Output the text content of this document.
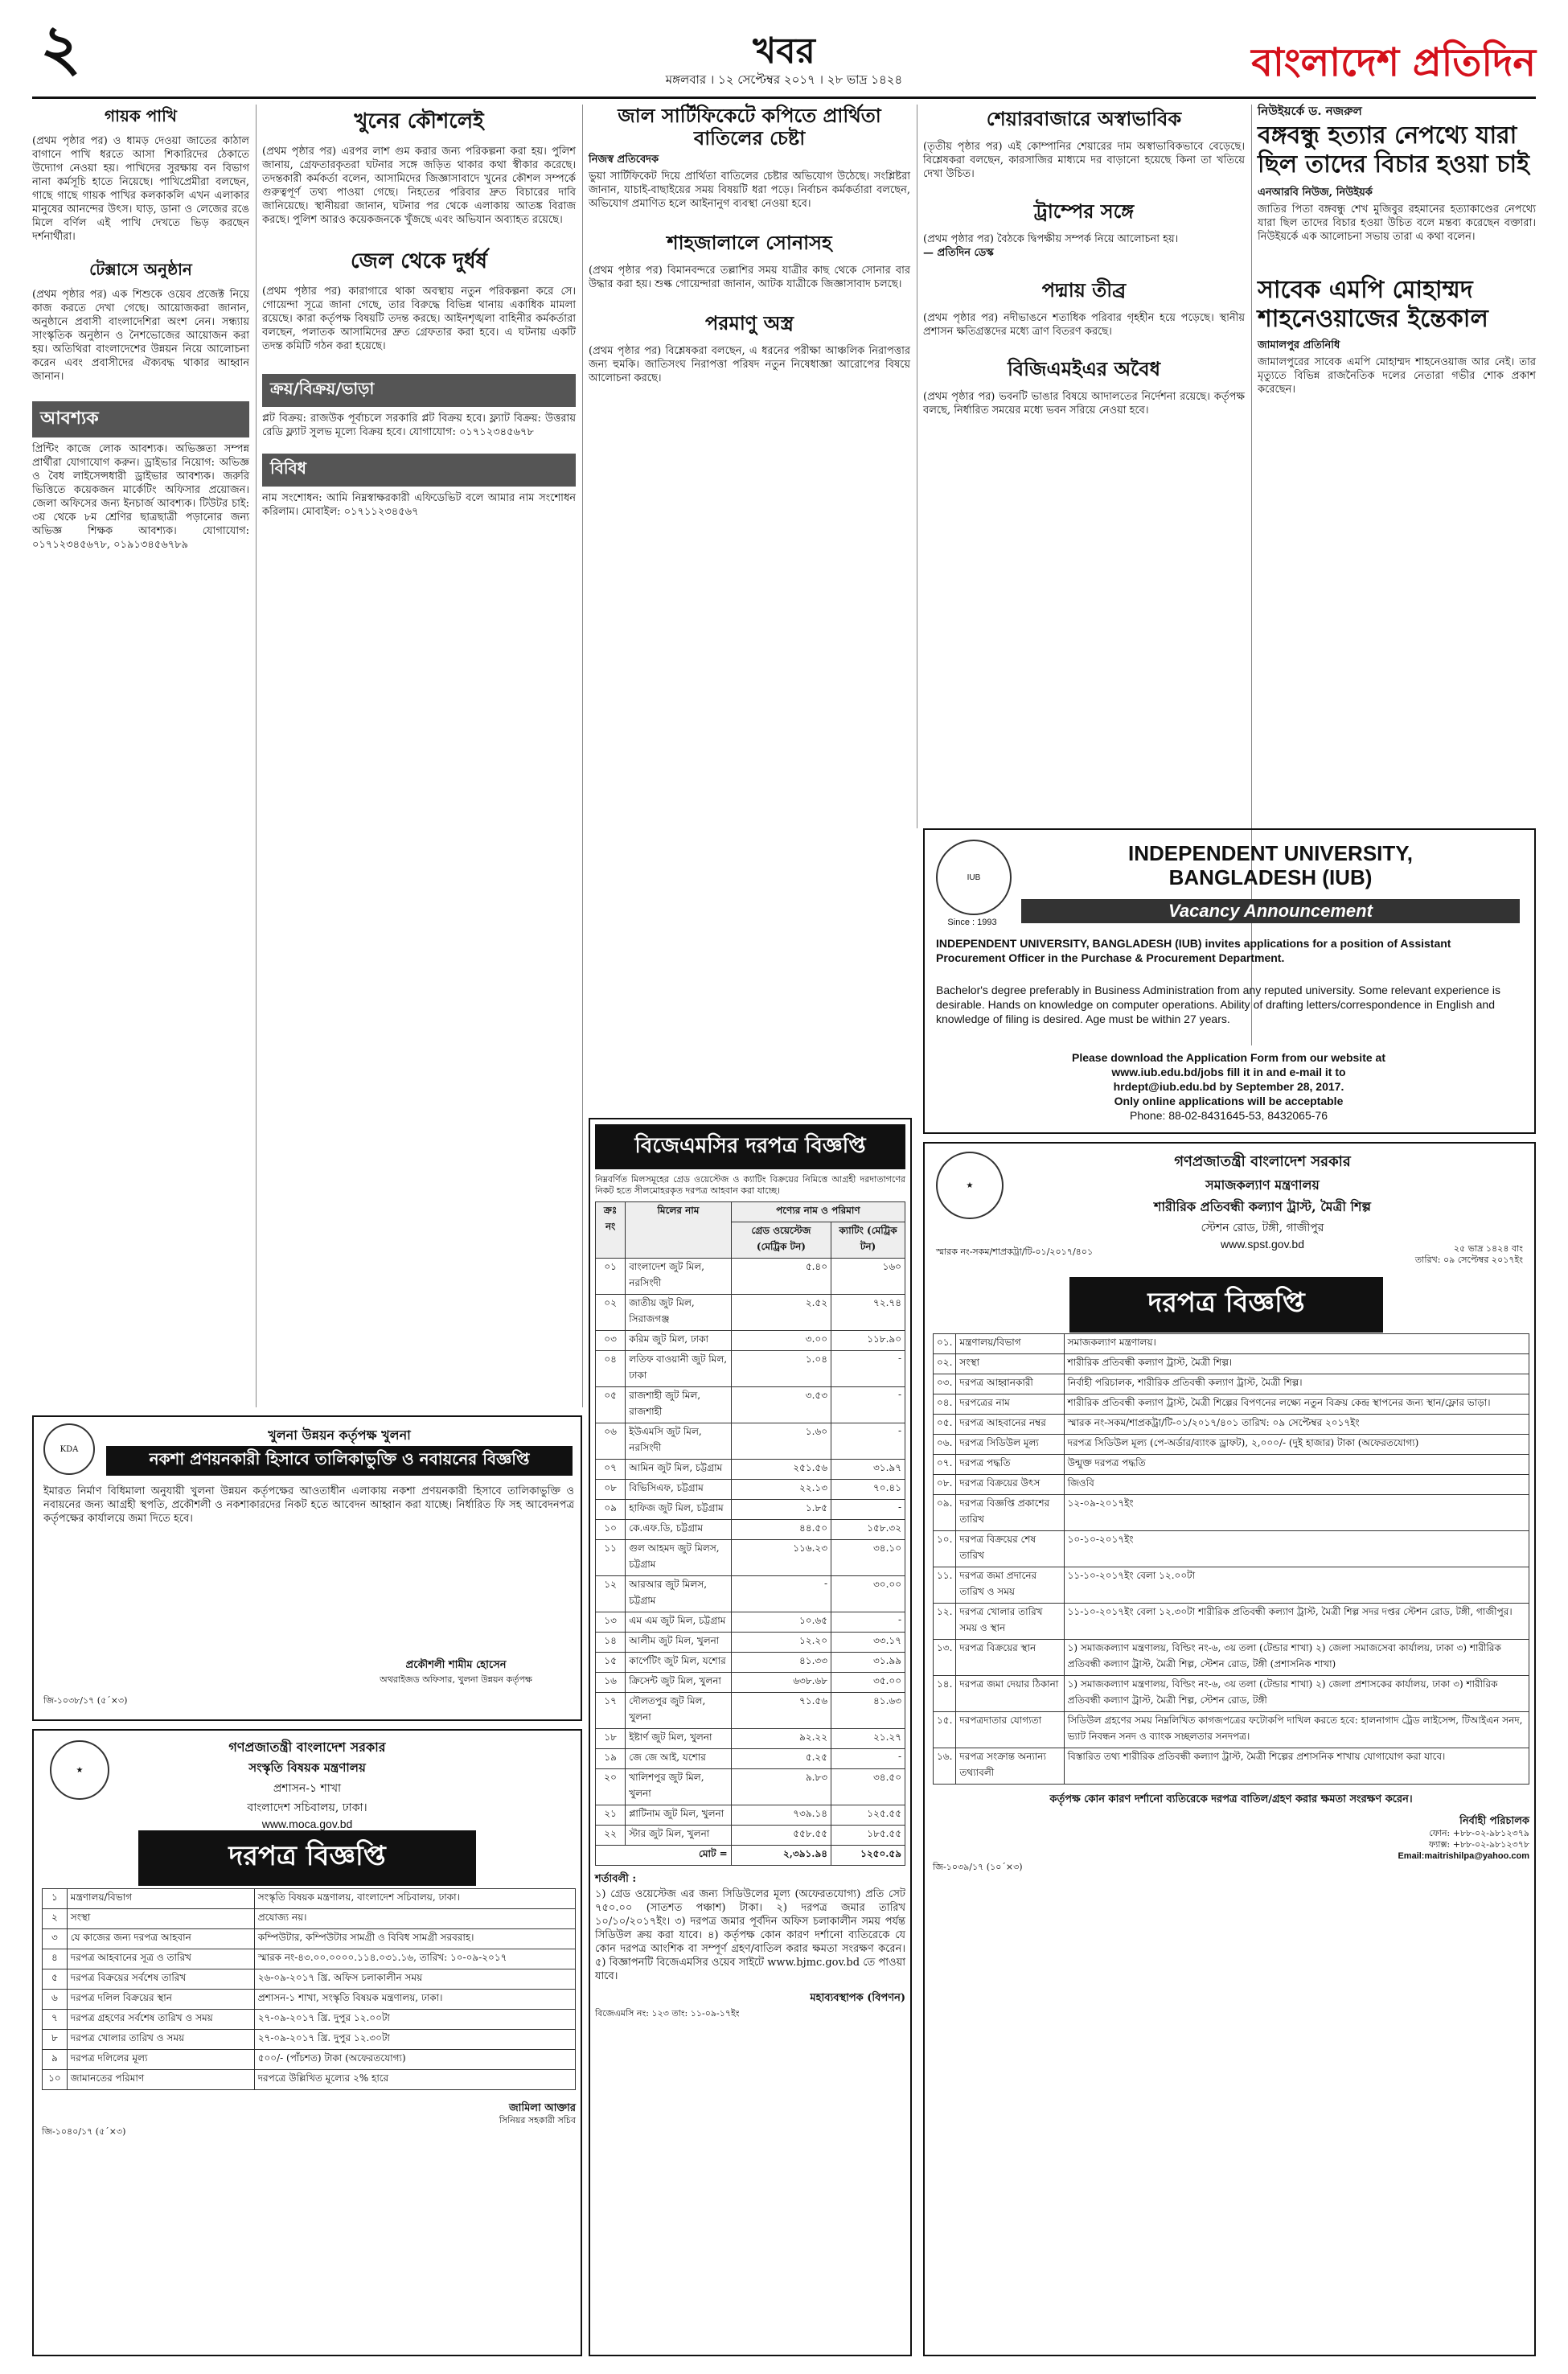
২	খবর
মঙ্গলবার । ১২ সেপ্টেম্বর ২০১৭ । ২৮ ভাদ্র ১৪২৪	বাংলাদেশ প্রতিদিন
গায়ক পাখি
(প্রথম পৃষ্ঠার পর) ও ধামড় দেওয়া জাতের কাঠাল বাগানে পাখি ধরতে আসা শিকারিদের ঠেকাতে উদ্যোগ নেওয়া হয়। পাখিদের সুরক্ষায় বন বিভাগ নানা কর্মসূচি হাতে নিয়েছে। পাখিপ্রেমীরা বলছেন, গাছে গাছে গায়ক পাখির কলকাকলি এখন এলাকার মানুষের আনন্দের উৎস। ঘাড়, ডানা ও লেজের রঙে মিলে বর্ণিল এই পাখি দেখতে ভিড় করছেন দর্শনার্থীরা।
টেক্সাসে অনুষ্ঠান
(প্রথম পৃষ্ঠার পর) এক শিশুকে ওয়েব প্রজেক্ট নিয়ে কাজ করতে দেখা গেছে। আয়োজকরা জানান, অনুষ্ঠানে প্রবাসী বাংলাদেশিরা অংশ নেন। সন্ধ্যায় সাংস্কৃতিক অনুষ্ঠান ও নৈশভোজের আয়োজন করা হয়। অতিথিরা বাংলাদেশের উন্নয়ন নিয়ে আলোচনা করেন এবং প্রবাসীদের ঐক্যবদ্ধ থাকার আহ্বান জানান।
আবশ্যক
প্রিন্টিং কাজে লোক আবশ্যক। অভিজ্ঞতা সম্পন্ন প্রার্থীরা যোগাযোগ করুন। ড্রাইভার নিয়োগ: অভিজ্ঞ ও বৈধ লাইসেন্সধারী ড্রাইভার আবশ্যক। জরুরি ভিত্তিতে কয়েকজন মার্কেটিং অফিসার প্রয়োজন। জেলা অফিসের জন্য ইনচার্জ আবশ্যক। টিউটর চাই: ৩য় থেকে ৮ম শ্রেণির ছাত্রছাত্রী পড়ানোর জন্য অভিজ্ঞ শিক্ষক আবশ্যক। যোগাযোগ: ০১৭১২৩৪৫৬৭৮, ০১৯১৩৪৫৬৭৮৯
খুনের কৌশলেই
(প্রথম পৃষ্ঠার পর) এরপর লাশ গুম করার জন্য পরিকল্পনা করা হয়। পুলিশ জানায়, গ্রেফতারকৃতরা ঘটনার সঙ্গে জড়িত থাকার কথা স্বীকার করেছে। তদন্তকারী কর্মকর্তা বলেন, আসামিদের জিজ্ঞাসাবাদে খুনের কৌশল সম্পর্কে গুরুত্বপূর্ণ তথ্য পাওয়া গেছে। নিহতের পরিবার দ্রুত বিচারের দাবি জানিয়েছে। স্থানীয়রা জানান, ঘটনার পর থেকে এলাকায় আতঙ্ক বিরাজ করছে। পুলিশ আরও কয়েকজনকে খুঁজছে এবং অভিযান অব্যাহত রয়েছে।
জেল থেকে দুর্ধর্ষ
(প্রথম পৃষ্ঠার পর) কারাগারে থাকা অবস্থায় নতুন পরিকল্পনা করে সে। গোয়েন্দা সূত্রে জানা গেছে, তার বিরুদ্ধে বিভিন্ন থানায় একাধিক মামলা রয়েছে। কারা কর্তৃপক্ষ বিষয়টি তদন্ত করছে। আইনশৃঙ্খলা বাহিনীর কর্মকর্তারা বলছেন, পলাতক আসামিদের দ্রুত গ্রেফতার করা হবে। এ ঘটনায় একটি তদন্ত কমিটি গঠন করা হয়েছে।
ক্রয়/বিক্রয়/ভাড়া
প্লট বিক্রয়: রাজউক পূর্বাচলে সরকারি প্লট বিক্রয় হবে। ফ্ল্যাট বিক্রয়: উত্তরায় রেডি ফ্ল্যাট সুলভ মূল্যে বিক্রয় হবে। যোগাযোগ: ০১৭১২৩৪৫৬৭৮
বিবিধ
নাম সংশোধন: আমি নিম্নস্বাক্ষরকারী এফিডেভিট বলে আমার নাম সংশোধন করিলাম। মোবাইল: ০১৭১১২৩৪৫৬৭
জাল সার্টিফিকেটে কপিতে প্রার্থিতা বাতিলের চেষ্টা
নিজস্ব প্রতিবেদক
ভুয়া সার্টিফিকেট দিয়ে প্রার্থিতা বাতিলের চেষ্টার অভিযোগ উঠেছে। সংশ্লিষ্টরা জানান, যাচাই-বাছাইয়ের সময় বিষয়টি ধরা পড়ে। নির্বাচন কর্মকর্তারা বলছেন, অভিযোগ প্রমাণিত হলে আইনানুগ ব্যবস্থা নেওয়া হবে।
শাহজালালে সোনাসহ
(প্রথম পৃষ্ঠার পর) বিমানবন্দরে তল্লাশির সময় যাত্রীর কাছ থেকে সোনার বার উদ্ধার করা হয়। শুল্ক গোয়েন্দারা জানান, আটক যাত্রীকে জিজ্ঞাসাবাদ চলছে।
পরমাণু অস্ত্র
(প্রথম পৃষ্ঠার পর) বিশ্লেষকরা বলছেন, এ ধরনের পরীক্ষা আঞ্চলিক নিরাপত্তার জন্য হুমকি। জাতিসংঘ নিরাপত্তা পরিষদ নতুন নিষেধাজ্ঞা আরোপের বিষয়ে আলোচনা করছে।
শেয়ারবাজারে অস্বাভাবিক
(তৃতীয় পৃষ্ঠার পর) এই কোম্পানির শেয়ারের দাম অস্বাভাবিকভাবে বেড়েছে। বিশ্লেষকরা বলছেন, কারসাজির মাধ্যমে দর বাড়ানো হয়েছে কিনা তা খতিয়ে দেখা উচিত।
ট্রাম্পের সঙ্গে
(প্রথম পৃষ্ঠার পর) বৈঠকে দ্বিপক্ষীয় সম্পর্ক নিয়ে আলোচনা হয়।
— প্রতিদিন ডেস্ক
পদ্মায় তীব্র
(প্রথম পৃষ্ঠার পর) নদীভাঙনে শতাধিক পরিবার গৃহহীন হয়ে পড়েছে। স্থানীয় প্রশাসন ক্ষতিগ্রস্তদের মধ্যে ত্রাণ বিতরণ করছে।
বিজিএমইএর অবৈধ
(প্রথম পৃষ্ঠার পর) ভবনটি ভাঙার বিষয়ে আদালতের নির্দেশনা রয়েছে। কর্তৃপক্ষ বলছে, নির্ধারিত সময়ের মধ্যে ভবন সরিয়ে নেওয়া হবে।
নিউইয়র্কে ড. নজরুল
বঙ্গবন্ধু হত্যার নেপথ্যে যারা ছিল তাদের বিচার হওয়া চাই
এনআরবি নিউজ, নিউইয়র্ক
জাতির পিতা বঙ্গবন্ধু শেখ মুজিবুর রহমানের হত্যাকাণ্ডের নেপথ্যে যারা ছিল তাদের বিচার হওয়া উচিত বলে মন্তব্য করেছেন বক্তারা। নিউইয়র্কে এক আলোচনা সভায় তারা এ কথা বলেন।
সাবেক এমপি মোহাম্মদ শাহনেওয়াজের ইন্তেকাল
জামালপুর প্রতিনিধি
জামালপুরের সাবেক এমপি মোহাম্মদ শাহনেওয়াজ আর নেই। তার মৃত্যুতে বিভিন্ন রাজনৈতিক দলের নেতারা গভীর শোক প্রকাশ করেছেন।
IUB
Since : 1993
INDEPENDENT UNIVERSITY,
BANGLADESH (IUB)
Vacancy Announcement
INDEPENDENT UNIVERSITY, BANGLADESH (IUB) invites applications for a position of Assistant Procurement Officer in the Purchase & Procurement Department.
Bachelor's degree preferably in Business Administration from any reputed university. Some relevant experience is desirable. Hands on knowledge on computer operations. Ability of drafting letters/correspondence in English and knowledge of filing is desired. Age must be within 27 years.
Please download the Application Form from our website at
www.iub.edu.bd/jobs fill it in and e-mail it to
hrdept@iub.edu.bd by September 28, 2017.
Only online applications will be acceptable
Phone: 88-02-8431645-53, 8432065-76
বিজেএমসির দরপত্র বিজ্ঞপ্তি
নিম্নবর্ণিত মিলসমূহের গ্রেড ওয়েস্টেজ ও ক্যাটিং বিক্রয়ের নিমিত্তে আগ্রহী দরদাতাগণের নিকট হতে সীলমোহরকৃত দরপত্র আহবান করা যাচ্ছে।
ক্রঃ নং	মিলের নাম	পণ্যের নাম ও পরিমাণ	
		গ্রেড ওয়েস্টেজ (মেট্রিক টন)	ক্যাটিং (মেট্রিক টন)
০১	বাংলাদেশ জুট মিল, নরসিংদী	৫.৪০	১৬০
০২	জাতীয় জুট মিল, সিরাজগঞ্জ	২.৫২	৭২.৭৪
০৩	করিম জুট মিল, ঢাকা	৩.০০	১১৮.৯০
০৪	লতিফ বাওয়ানী জুট মিল, ঢাকা	১.০৪	-
০৫	রাজশাহী জুট মিল, রাজশাহী	৩.৫৩	-
০৬	ইউএমসি জুট মিল, নরসিংদী	১.৬০	-
০৭	আমিন জুট মিল, চট্টগ্রাম	২৫১.৫৬	৩১.৯৭
০৮	বিভিসিএফ, চট্টগ্রাম	২২.১৩	৭০.৪১
০৯	হাফিজ জুট মিল, চট্টগ্রাম	১.৮৫	-
১০	কে.এফ.ডি, চট্টগ্রাম	৪৪.৫০	১৫৮.৩২
১১	গুল আহমদ জুট মিলস, চট্টগ্রাম	১১৬.২৩	৩৪.১০
১২	আরআর জুট মিলস, চট্টগ্রাম	-	৩০.০০
১৩	এম এম জুট মিল, চট্টগ্রাম	১০.৬৫	-
১৪	আলীম জুট মিল, খুলনা	১২.২০	৩৩.১৭
১৫	কার্পেটিং জুট মিল, যশোর	৪১.৩৩	৩১.৯৯
১৬	ক্রিসেন্ট জুট মিল, খুলনা	৬৩৮.৬৮	৩৫.০০
১৭	দৌলতপুর জুট মিল, খুলনা	৭১.৫৬	৪১.৬৩
১৮	ইষ্টার্ণ জুট মিল, খুলনা	৯২.২২	২১.২৭
১৯	জে জে আই, যশোর	৫.২৫	-
২০	খালিশপুর জুট মিল, খুলনা	৯.৮৩	৩৪.৫০
২১	প্লাটিনাম জুট মিল, খুলনা	৭৩৯.১৪	১২৫.৫৫
২২	স্টার জুট মিল, খুলনা	৫৫৮.৫৫	১৮৫.৫৫
মোট =		২,৩৯১.৯৪	১২৫০.৫৯
শর্তাবলী :
১) গ্রেড ওয়েস্টেজ এর জন্য সিডিউলের মূল্য (অফেরতযোগ্য) প্রতি সেট ৭৫০.০০ (সাতশত পঞ্চাশ) টাকা। ২) দরপত্র জমার তারিখ ১০/১০/২০১৭ইং। ৩) দরপত্র জমার পূর্বদিন অফিস চলাকালীন সময় পর্যন্ত সিডিউল ক্রয় করা যাবে। ৪) কর্তৃপক্ষ কোন কারণ দর্শানো ব্যতিরেকে যে কোন দরপত্র আংশিক বা সম্পূর্ণ গ্রহণ/বাতিল করার ক্ষমতা সংরক্ষণ করেন। ৫) বিজ্ঞাপনটি বিজেএমসির ওয়েব সাইটে www.bjmc.gov.bd তে পাওয়া যাবে।
মহাব্যবস্থাপক (বিপণন)
বিজেএমসি নং: ১২৩ তাং: ১১-০৯-১৭ইং
★
গণপ্রজাতন্ত্রী বাংলাদেশ সরকার
সমাজকল্যাণ মন্ত্রণালয়
শারীরিক প্রতিবন্ধী কল্যাণ ট্রাস্ট, মৈত্রী শিল্প
স্টেশন রোড, টঙ্গী, গাজীপুর
www.spst.gov.bd
স্মারক নং-সকম/শাপ্রকট্রা/টি-০১/২০১৭/৪০১	২৫ ভাদ্র ১৪২৪ বাং
তারিখ: ০৯ সেপ্টেম্বর ২০১৭ইং
দরপত্র বিজ্ঞপ্তি
০১.	মন্ত্রণালয়/বিভাগ	সমাজকল্যাণ মন্ত্রণালয়।
০২.	সংস্থা	শারীরিক প্রতিবন্ধী কল্যাণ ট্রাস্ট, মৈত্রী শিল্প।
০৩.	দরপত্র আহ্বানকারী	নির্বাহী পরিচালক, শারীরিক প্রতিবন্ধী কল্যাণ ট্রাস্ট, মৈত্রী শিল্প।
০৪.	দরপত্রের নাম	শারীরিক প্রতিবন্ধী কল্যাণ ট্রাস্ট, মৈত্রী শিল্পের বিপণনের লক্ষ্যে নতুন বিক্রয় কেন্দ্র স্থাপনের জন্য স্থান/ফ্লোর ভাড়া।
০৫.	দরপত্র আহবানের নম্বর	স্মারক নং-সকম/শাপ্রকট্রা/টি-০১/২০১৭/৪০১ তারিখ: ০৯ সেপ্টেম্বর ২০১৭ইং
০৬.	দরপত্র সিডিউল মূল্য	দরপত্র সিডিউল মূল্য (পে-অর্ডার/ব্যাংক ড্রাফট), ২,০০০/- (দুই হাজার) টাকা (অফেরতযোগ্য)
০৭.	দরপত্র পদ্ধতি	উন্মুক্ত দরপত্র পদ্ধতি
০৮.	দরপত্র বিক্রয়ের উৎস	জিওবি
০৯.	দরপত্র বিজ্ঞপ্তি প্রকাশের তারিখ	১২-০৯-২০১৭ইং
১০.	দরপত্র বিক্রয়ের শেষ তারিখ	১০-১০-২০১৭ইং
১১.	দরপত্র জমা প্রদানের তারিখ ও সময়	১১-১০-২০১৭ইং বেলা ১২.০০টা
১২.	দরপত্র খোলার তারিখ সময় ও স্থান	১১-১০-২০১৭ইং বেলা ১২.৩০টা শারীরিক প্রতিবন্ধী কল্যাণ ট্রাস্ট, মৈত্রী শিল্প সদর দপ্তর স্টেশন রোড, টঙ্গী, গাজীপুর।
১৩.	দরপত্র বিক্রয়ের স্থান	১) সমাজকল্যাণ মন্ত্রণালয়, বিল্ডিং নং-৬, ৩য় তলা (টেন্ডার শাখা) ২) জেলা সমাজসেবা কার্যালয়, ঢাকা ৩) শারীরিক প্রতিবন্ধী কল্যাণ ট্রাস্ট, মৈত্রী শিল্প, স্টেশন রোড, টঙ্গী (প্রশাসনিক শাখা)
১৪.	দরপত্র জমা দেয়ার ঠিকানা	১) সমাজকল্যাণ মন্ত্রণালয়, বিল্ডিং নং-৬, ৩য় তলা (টেন্ডার শাখা) ২) জেলা প্রশাসকের কার্যালয়, ঢাকা ৩) শারীরিক প্রতিবন্ধী কল্যাণ ট্রাস্ট, মৈত্রী শিল্প, স্টেশন রোড, টঙ্গী
১৫.	দরপত্রদাতার যোগ্যতা	সিডিউল গ্রহণের সময় নিম্নলিখিত কাগজপত্রের ফটোকপি দাখিল করতে হবে: হালনাগাদ ট্রেড লাইসেন্স, টিআইএন সনদ, ভ্যাট নিবন্ধন সনদ ও ব্যাংক সচ্ছলতার সনদপত্র।
১৬.	দরপত্র সংক্রান্ত অন্যান্য তথ্যাবলী	বিস্তারিত তথ্য শারীরিক প্রতিবন্ধী কল্যাণ ট্রাস্ট, মৈত্রী শিল্পের প্রশাসনিক শাখায় যোগাযোগ করা যাবে।
কর্তৃপক্ষ কোন কারণ দর্শানো ব্যতিরেকে দরপত্র বাতিল/গ্রহণ করার ক্ষমতা সংরক্ষণ করেন।
নির্বাহী পরিচালক
ফোন: +৮৮-০২-৯৮১২৩৭৯
ফ্যাক্স: +৮৮-০২-৯৮১২৩৭৮
Email:maitrishilpa@yahoo.com
জি-১০৩৯/১৭ (১০´×৩)
KDA
খুলনা উন্নয়ন কর্তৃপক্ষ খুলনা
নকশা প্রণয়নকারী হিসাবে তালিকাভুক্তি ও নবায়নের বিজ্ঞপ্তি
ইমারত নির্মাণ বিধিমালা অনুযায়ী খুলনা উন্নয়ন কর্তৃপক্ষের আওতাধীন এলাকায় নকশা প্রণয়নকারী হিসাবে তালিকাভুক্তি ও নবায়নের জন্য আগ্রহী স্থপতি, প্রকৌশলী ও নকশাকারদের নিকট হতে আবেদন আহ্বান করা যাচ্ছে। নির্ধারিত ফি সহ আবেদনপত্র কর্তৃপক্ষের কার্যালয়ে জমা দিতে হবে।
প্রকৌশলী শামীম হোসেন
অথরাইজড অফিসার, খুলনা উন্নয়ন কর্তৃপক্ষ
জি-১০৩৮/১৭ (৫´×৩)
★
গণপ্রজাতন্ত্রী বাংলাদেশ সরকার
সংস্কৃতি বিষয়ক মন্ত্রণালয়
প্রশাসন-১ শাখা
বাংলাদেশ সচিবালয়, ঢাকা।
www.moca.gov.bd
দরপত্র বিজ্ঞপ্তি
১	মন্ত্রণালয়/বিভাগ	সংস্কৃতি বিষয়ক মন্ত্রণালয়, বাংলাদেশ সচিবালয়, ঢাকা।
২	সংস্থা	প্রযোজ্য নয়।
৩	যে কাজের জন্য দরপত্র আহবান	কম্পিউটার, কম্পিউটার সামগ্রী ও বিবিধ সামগ্রী সরবরাহ।
৪	দরপত্র আহবানের সূত্র ও তারিখ	স্মারক নং-৪৩.০০.০০০০.১১৪.০৩১.১৬, তারিখ: ১০-০৯-২০১৭
৫	দরপত্র বিক্রয়ের সর্বশেষ তারিখ	২৬-০৯-২০১৭ খ্রি. অফিস চলাকালীন সময়
৬	দরপত্র দলিল বিক্রয়ের স্থান	প্রশাসন-১ শাখা, সংস্কৃতি বিষয়ক মন্ত্রণালয়, ঢাকা।
৭	দরপত্র গ্রহণের সর্বশেষ তারিখ ও সময়	২৭-০৯-২০১৭ খ্রি. দুপুর ১২.০০টা
৮	দরপত্র খোলার তারিখ ও সময়	২৭-০৯-২০১৭ খ্রি. দুপুর ১২.৩০টা
৯	দরপত্র দলিলের মূল্য	৫০০/- (পাঁচশত) টাকা (অফেরতযোগ্য)
১০	জামানতের পরিমাণ	দরপত্রে উল্লিখিত মূল্যের ২% হারে
জামিলা আক্তার
সিনিয়র সহকারী সচিব
জি-১০৪০/১৭ (৫´×৩)
